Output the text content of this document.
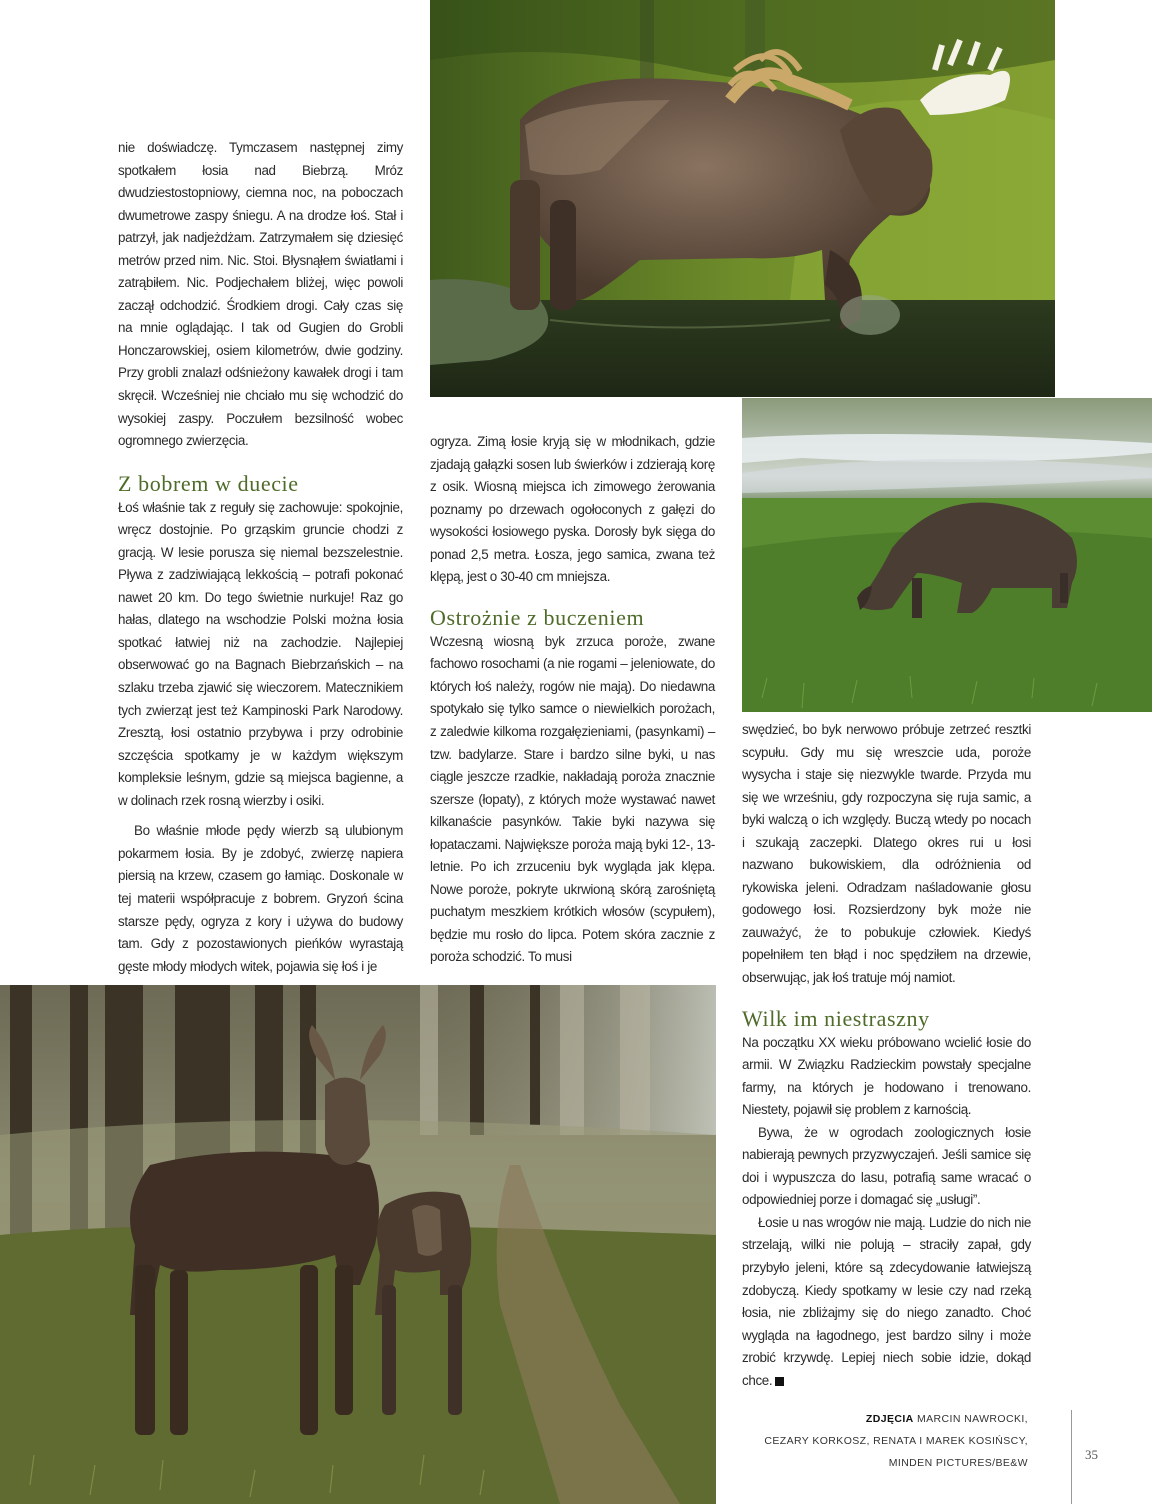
nie doświadczę. Tymczasem następnej zimy spotkałem łosia nad Biebrzą. Mróz dwudziestostopniowy, ciemna noc, na poboczach dwumetrowe zaspy śniegu. A na drodze łoś. Stał i patrzył, jak nadjeżdżam. Zatrzymałem się dziesięć metrów przed nim. Nic. Stoi. Błysnąłem światłami i zatrąbiłem. Nic. Podjechałem bliżej, więc powoli zaczął odchodzić. Środkiem drogi. Cały czas się na mnie oglądając. I tak od Gugien do Grobli Honczarowskiej, osiem kilometrów, dwie godziny. Przy grobli znalazł odśnieżony kawałek drogi i tam skręcił. Wcześniej nie chciało mu się wchodzić do wysokiej zaspy. Poczułem bezsilność wobec ogromnego zwierzęcia.

Z bobrem w duecie

Łoś właśnie tak z reguły się zachowuje: spokojnie, wręcz dostojnie. Po grząskim gruncie chodzi z gracją. W lesie porusza się niemal bezszelestnie. Pływa z zadziwiającą lekkością – potrafi pokonać nawet 20 km. Do tego świetnie nurkuje! Raz go hałas, dlatego na wschodzie Polski można łosia spotkać łatwiej niż na zachodzie. Najlepiej obserwować go na Bagnach Biebrzańskich – na szlaku trzeba zjawić się wieczorem. Matecznikiem tych zwierząt jest też Kampinoski Park Narodowy. Zresztą, łosi ostatnio przybywa i przy odrobinie szczęścia spotkamy je w każdym większym kompleksie leśnym, gdzie są miejsca bagienne, a w dolinach rzek rosną wierzby i osiki.

Bo właśnie młode pędy wierzb są ulubionym pokarmem łosia. By je zdobyć, zwierzę napiera piersią na krzew, czasem go łamiąc. Doskonale w tej materii współpracuje z bobrem. Gryzoń ścina starsze pędy, ogryza z kory i używa do budowy tam. Gdy z pozostawionych pieńków wyrastają gęste młody młodych witek, pojawia się łoś i je

ogryza. Zimą łosie kryją się w młodnikach, gdzie zjadają gałązki sosen lub świerków i zdzierają korę z osik. Wiosną miejsca ich zimowego żerowania poznamy po drzewach ogołoconych z gałęzi do wysokości łosiowego pyska. Dorosły byk sięga do ponad 2,5 metra. Łosza, jego samica, zwana też klępą, jest o 30-40 cm mniejsza.

Ostrożnie z buczeniem

Wczesną wiosną byk zrzuca poroże, zwane fachowo rosochami (a nie rogami – jeleniowate, do których łoś należy, rogów nie mają). Do niedawna spotykało się tylko samce o niewielkich porożach, z zaledwie kilkoma rozgałęzieniami, (pasynkami) – tzw. badylarze. Stare i bardzo silne byki, u nas ciągle jeszcze rzadkie, nakładają poroża znacznie szersze (łopaty), z których może wystawać nawet kilkanaście pasynków. Takie byki nazywa się łopataczami. Największe poroża mają byki 12-, 13-letnie. Po ich zrzuceniu byk wygląda jak klępa. Nowe poroże, pokryte ukrwioną skórą zarośniętą puchatym meszkiem krótkich włosów (scypułem), będzie mu rosło do lipca. Potem skóra zacznie z poroża schodzić. To musi

swędzieć, bo byk nerwowo próbuje zetrzeć resztki scypułu. Gdy mu się wreszcie uda, poroże wysycha i staje się niezwykle twarde. Przyda mu się we wrześniu, gdy rozpoczyna się ruja samic, a byki walczą o ich względy. Buczą wtedy po nocach i szukają zaczepki. Dlatego okres rui u łosi nazwano bukowiskiem, dla odróżnienia od rykowiska jeleni. Odradzam naśladowanie głosu godowego łosi. Rozsierdzony byk może nie zauważyć, że to pobukuje człowiek. Kiedyś popełniłem ten błąd i noc spędziłem na drzewie, obserwując, jak łoś tratuje mój namiot.

Wilk im niestraszny

Na początku XX wieku próbowano wcielić łosie do armii. W Związku Radzieckim powstały specjalne farmy, na których je hodowano i trenowano. Niestety, pojawił się problem z karnością.

Bywa, że w ogrodach zoologicznych łosie nabierają pewnych przyzwyczajeń. Jeśli samice się doi i wypuszcza do lasu, potrafią same wracać o odpowiedniej porze i domagać się „usługi”.

Łosie u nas wrogów nie mają. Ludzie do nich nie strzelają, wilki nie polują – straciły zapał, gdy przybyło jeleni, które są zdecydowanie łatwiejszą zdobyczą. Kiedy spotkamy w lesie czy nad rzeką łosia, nie zbliżajmy się do niego zanadto. Choć wygląda na łagodnego, jest bardzo silny i może zrobić krzywdę. Lepiej niech sobie idzie, dokąd chce.

ZDJĘCIA MARCIN NAWROCKI,
CEZARY KORKOSZ, RENATA I MAREK KOSIŃSCY,
MINDEN PICTURES/BE&W
35
